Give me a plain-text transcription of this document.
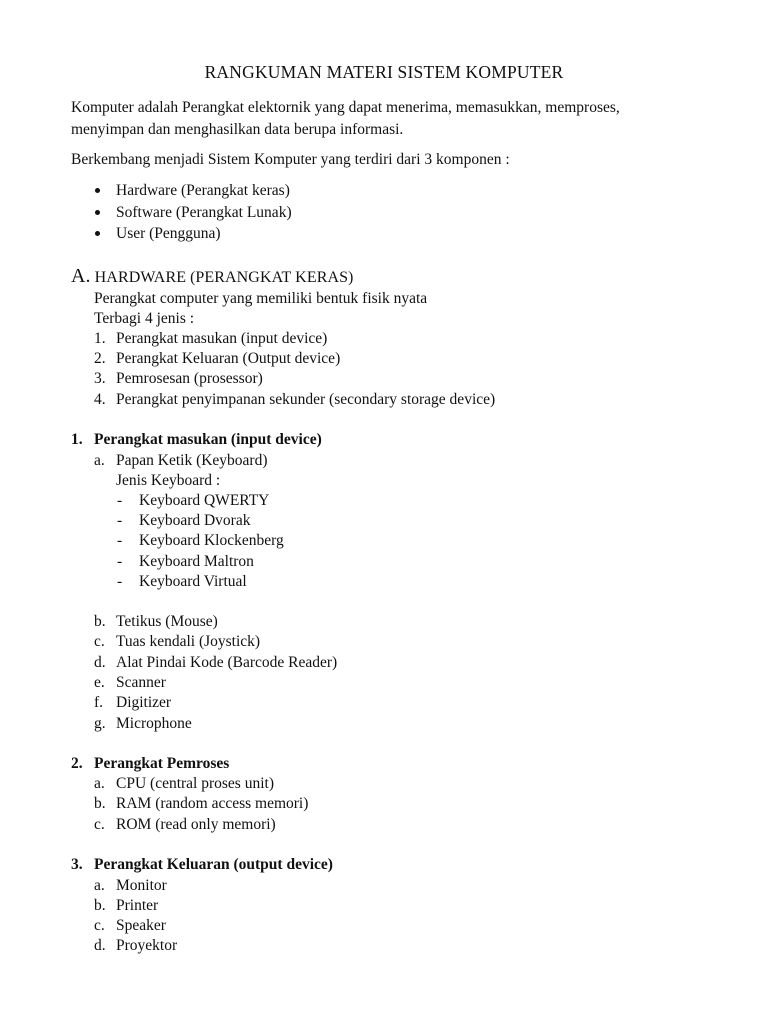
RANGKUMAN MATERI SISTEM KOMPUTER
Komputer adalah Perangkat elektornik yang dapat menerima, memasukkan, memproses,
menyimpan dan menghasilkan data berupa informasi.
Berkembang menjadi Sistem Komputer yang terdiri dari 3 komponen :
Hardware (Perangkat keras)
Software (Perangkat Lunak)
User (Pengguna)
A. HARDWARE (PERANGKAT KERAS)
Perangkat computer yang memiliki bentuk fisik nyata
Terbagi 4 jenis :
1. Perangkat masukan (input device)
2. Perangkat Keluaran (Output device)
3. Pemrosesan (prosessor)
4. Perangkat penyimpanan sekunder (secondary storage device)
1. Perangkat masukan (input device)
a. Papan Ketik (Keyboard)
Jenis Keyboard :
- Keyboard QWERTY
- Keyboard Dvorak
- Keyboard Klockenberg
- Keyboard Maltron
- Keyboard Virtual
b. Tetikus (Mouse)
c. Tuas kendali (Joystick)
d. Alat Pindai Kode (Barcode Reader)
e. Scanner
f. Digitizer
g. Microphone
2. Perangkat Pemroses
a. CPU (central proses unit)
b. RAM (random access memori)
c. ROM (read only memori)
3. Perangkat Keluaran (output device)
a. Monitor
b. Printer
c. Speaker
d. Proyektor
